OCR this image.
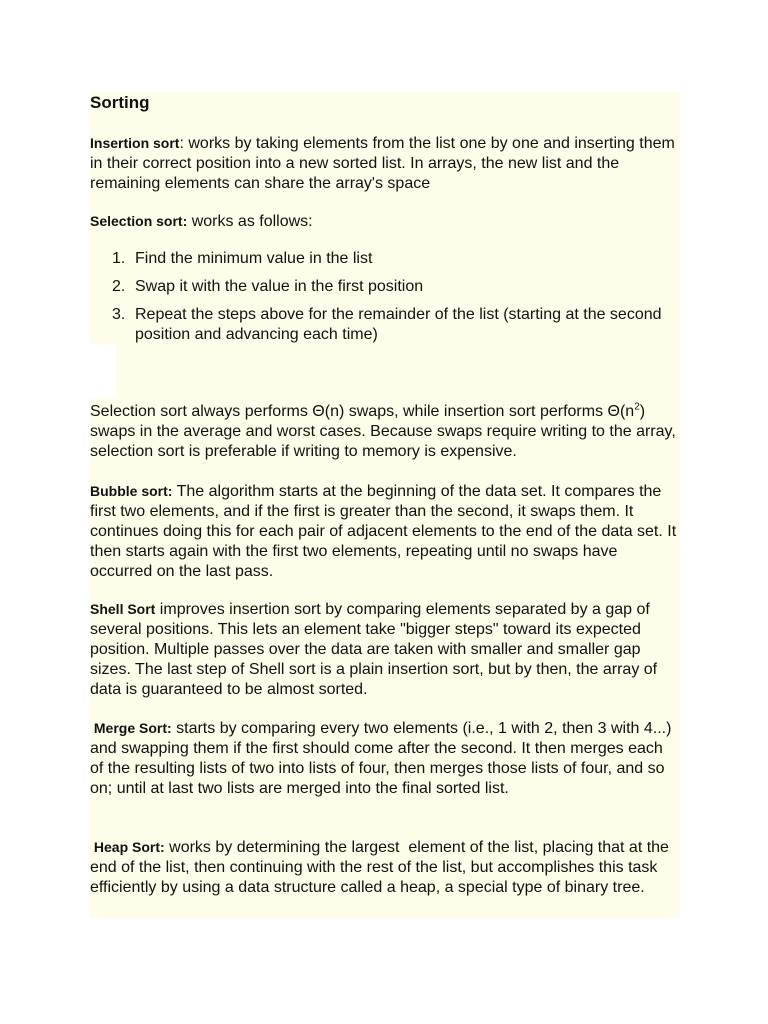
Sorting

Insertion sort: works by taking elements from the list one by one and inserting them in their correct position into a new sorted list. In arrays, the new list and the remaining elements can share the array's space

Selection sort: works as follows:

1. Find the minimum value in the list
2. Swap it with the value in the first position
3. Repeat the steps above for the remainder of the list (starting at the second position and advancing each time)

Selection sort always performs Θ(n) swaps, while insertion sort performs $\Theta(n^2)$ swaps in the average and worst cases. Because swaps require writing to the array, selection sort is preferable if writing to memory is expensive.

Bubble sort: The algorithm starts at the beginning of the data set. It compares the first two elements, and if the first is greater than the second, it swaps them. It continues doing this for each pair of adjacent elements to the end of the data set. It then starts again with the first two elements, repeating until no swaps have occurred on the last pass.

Shell Sort improves insertion sort by comparing elements separated by a gap of several positions. This lets an element take "bigger steps" toward its expected position. Multiple passes over the data are taken with smaller and smaller gap sizes. The last step of Shell sort is a plain insertion sort, but by then, the array of data is guaranteed to be almost sorted.

Merge Sort: starts by comparing every two elements (i.e., 1 with 2, then 3 with 4...) and swapping them if the first should come after the second. It then merges each of the resulting lists of two into lists of four, then merges those lists of four, and so on; until at last two lists are merged into the final sorted list.

Heap Sort: works by determining the largest  element of the list, placing that at the end of the list, then continuing with the rest of the list, but accomplishes this task efficiently by using a data structure called a heap, a special type of binary tree.
